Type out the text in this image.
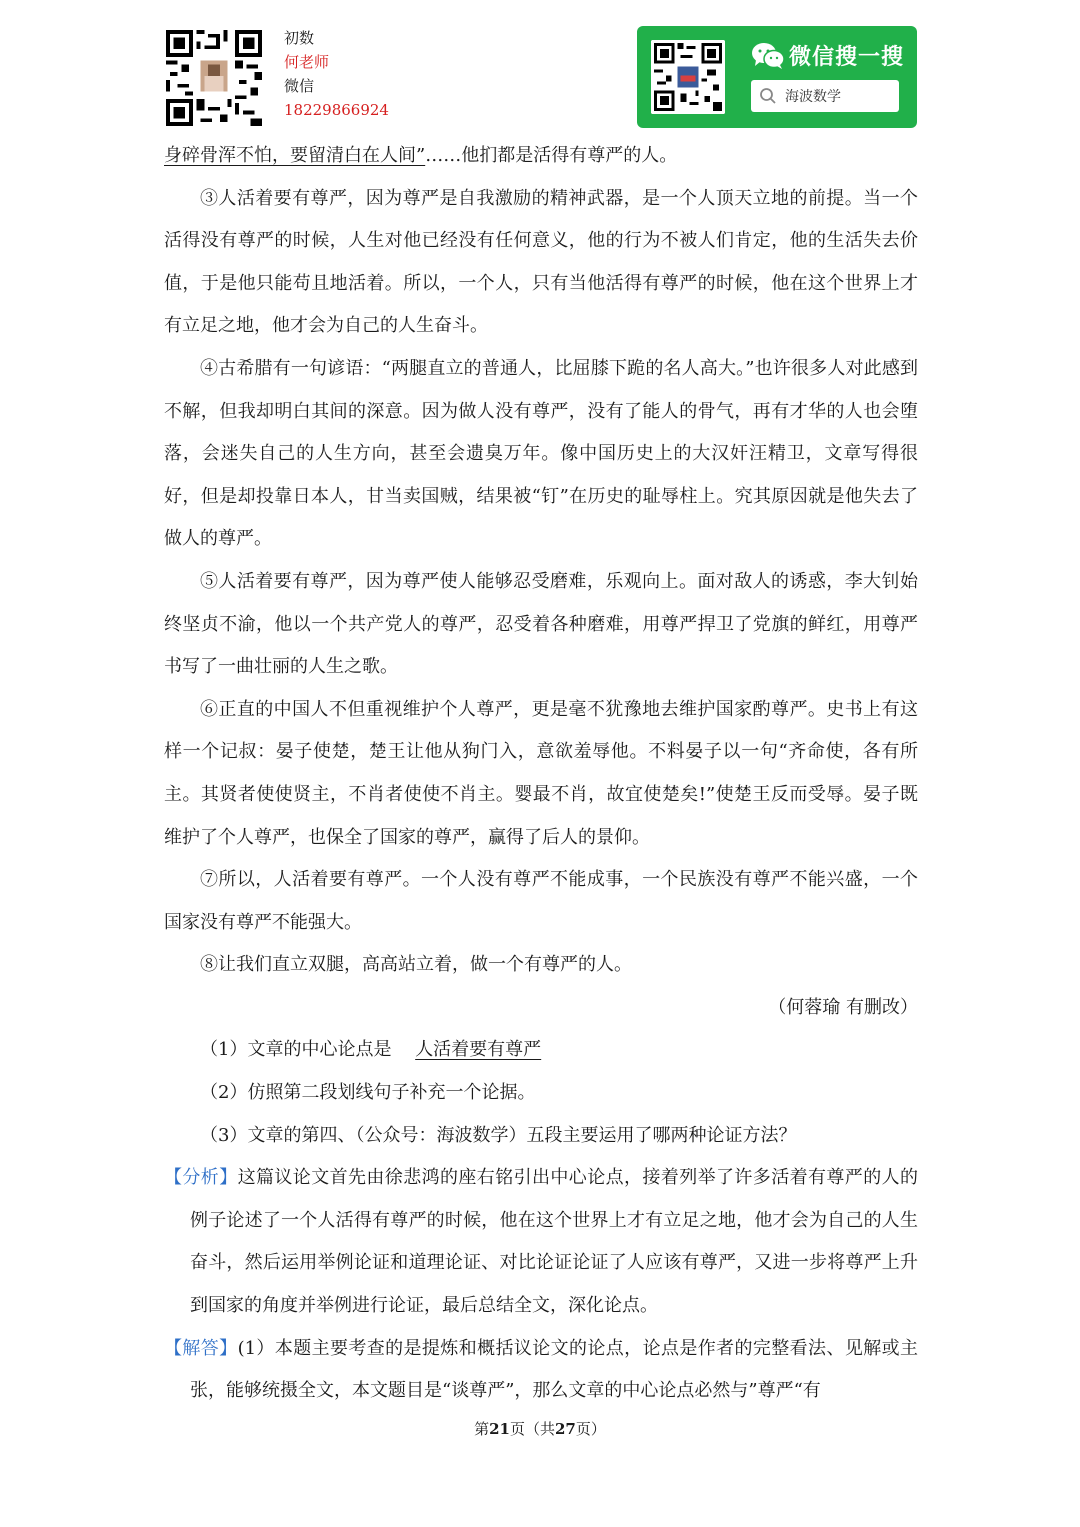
初数
何老师
微信
18229866924
微信搜一搜
海波数学

身碎骨浑不怕，要留清白在人间”……他扪都是活得有尊严的人。

③人活着要有尊严，因为尊严是自我激励的精神武器，是一个人顶天立地的前提。当一个活得没有尊严的时候，人生对他已经没有任何意义，他的行为不被人们肯定，他的生活失去价值，于是他只能苟且地活着。所以，一个人，只有当他活得有尊严的时候，他在这个世界上才有立足之地，他才会为自己的人生奋斗。

④古希腊有一句谚语：“两腿直立的普通人，比屈膝下跪的名人高大。”也许很多人对此感到不解，但我却明白其间的深意。因为做人没有尊严，没有了能人的骨气，再有才华的人也会堕落，会迷失自己的人生方向，甚至会遗臭万年。像中国历史上的大汉奸汪精卫，文章写得很好，但是却投靠日本人，甘当卖国贼，结果被“钉”在历史的耻辱柱上。究其原因就是他失去了做人的尊严。

⑤人活着要有尊严，因为尊严使人能够忍受磨难，乐观向上。面对敌人的诱惑，李大钊始终坚贞不渝，他以一个共产党人的尊严，忍受着各种磨难，用尊严捍卫了党旗的鲜红，用尊严书写了一曲壮丽的人生之歌。

⑥正直的中国人不但重视维护个人尊严，更是毫不犹豫地去维护国家酌尊严。史书上有这样一个记叔：晏子使楚，楚王让他从狗门入，意欲羞辱他。不料晏子以一句“齐命使，各有所主。其贤者使使贤主，不肖者使使不肖主。婴最不肖，故宜使楚矣!”使楚王反而受辱。晏子既维护了个人尊严，也保全了国家的尊严，赢得了后人的景仰。

⑦所以，人活着要有尊严。一个人没有尊严不能成事，一个民族没有尊严不能兴盛，一个国家没有尊严不能强大。

⑧让我们直立双腿，高高站立着，做一个有尊严的人。

（何蓉瑜 有删改）

（1）文章的中心论点是 人活着要有尊严

（2）仿照第二段划线句子补充一个论据。

（3）文章的第四、（公众号：海波数学）五段主要运用了哪两种论证方法？

【分析】这篇议论文首先由徐悲鸿的座右铭引出中心论点，接着列举了许多活着有尊严的人的例子论述了一个人活得有尊严的时候，他在这个世界上才有立足之地，他才会为自己的人生奋斗，然后运用举例论证和道理论证、对比论证论证了人应该有尊严，又进一步将尊严上升到国家的角度并举例进行论证，最后总结全文，深化论点。

【解答】(1）本题主要考查的是提炼和概括议论文的论点，论点是作者的完整看法、见解或主张，能够统摄全文，本文题目是“谈尊严”，那么文章的中心论点必然与”尊严“有

第21页（共27页）
